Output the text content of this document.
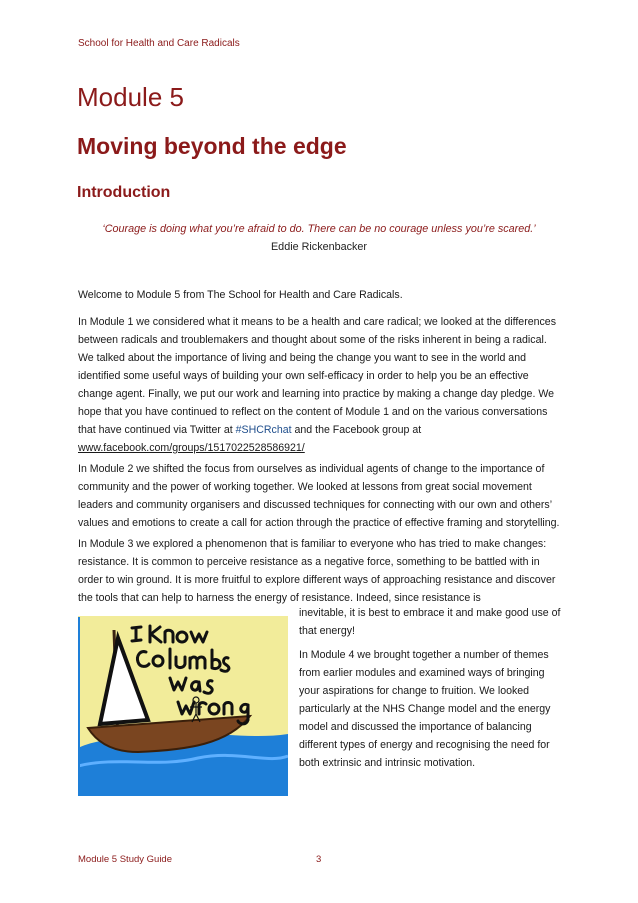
School for Health and Care Radicals
Module 5
Moving beyond the edge
Introduction
‘Courage is doing what you’re afraid to do. There can be no courage unless you’re scared.’
Eddie Rickenbacker

Welcome to Module 5 from The School for Health and Care Radicals.

In Module 1 we considered what it means to be a health and care radical; we looked at the differences between radicals and troublemakers and thought about some of the risks inherent in being a radical. We talked about the importance of living and being the change you want to see in the world and identified some useful ways of building your own self-efficacy in order to help you be an effective change agent. Finally, we put our work and learning into practice by making a change day pledge. We hope that you have continued to reflect on the content of Module 1 and on the various conversations that have continued via Twitter at #SHCRchat and the Facebook group at www.facebook.com/groups/1517022528586921/

In Module 2 we shifted the focus from ourselves as individual agents of change to the importance of community and the power of working together. We looked at lessons from great social movement leaders and community organisers and discussed techniques for connecting with our own and others’ values and emotions to create a call for action through the practice of effective framing and storytelling.

In Module 3 we explored a phenomenon that is familiar to everyone who has tried to make changes: resistance. It is common to perceive resistance as a negative force, something to be battled with in order to win ground. It is more fruitful to explore different ways of approaching resistance and discover the tools that can help to harness the energy of resistance. Indeed, since resistance is

inevitable, it is best to embrace it and make good use of that energy!

In Module 4 we brought together a number of themes from earlier modules and examined ways of bringing your aspirations for change to fruition. We looked particularly at the NHS Change model and the energy model and discussed the importance of balancing different types of energy and recognising the need for both extrinsic and intrinsic motivation.

Module 5 Study Guide	3
